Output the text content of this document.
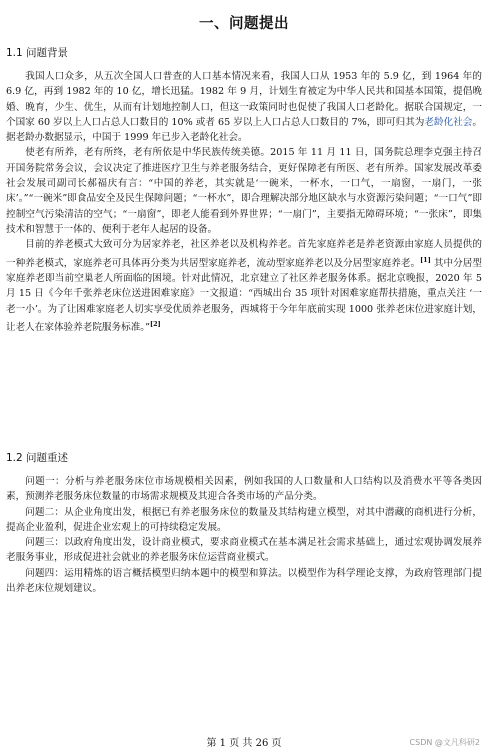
一、问题提出
1.1 问题背景

我国人口众多，从五次全国人口普查的人口基本情况来看，我国人口从 1953 年的 5.9 亿，到 1964 年的 6.9 亿，再到 1982 年的 10 亿，增长迅猛。1982 年 9 月，计划生育被定为中华人民共和国基本国策，提倡晚婚、晚育，少生、优生，从而有计划地控制人口，但这一政策同时也促使了我国人口老龄化。据联合国规定，一个国家 60 岁以上人口占总人口数目的 10% 或者 65 岁以上人口占总人口数目的 7%，即可归其为老龄化社会。据老龄办数据显示，中国于 1999 年已步入老龄化社会。

使老有所养，老有所终，老有所依是中华民族传统美德。2015 年 11 月 11 日，国务院总理李克强主持召开国务院常务会议，会议决定了推进医疗卫生与养老服务结合，更好保障老有所医、老有所养。国家发展改革委社会发展司副司长郝福庆有言：“中国的养老，其实就是‘一碗米，一杯水，一口气，一扇窗，一扇门，一张床’。”“一碗米”即食品安全及民生保障问题；“一杯水”，即合理解决部分地区缺水与水资源污染问题；“一口气”即控制空气污染清洁的空气；“一扇窗”，即老人能看到外界世界；“一扇门”，主要指无障碍环境；“一张床”，即集技术和智慧于一体的、便利于老年人起居的设备。

目前的养老模式大致可分为居家养老，社区养老以及机构养老。首先家庭养老是养老资源由家庭人员提供的一种养老模式，家庭养老可具体再分类为共居型家庭养老，流动型家庭养老以及分居型家庭养老。[1] 其中分居型家庭养老即当前空巢老人所面临的困境。针对此情况，北京建立了社区养老服务体系。据北京晚报，2020 年 5 月 15 日《今年千张养老床位送进困难家庭》一文报道：“西城出台 35 项针对困难家庭帮扶措施，重点关注 ‘一老一小’。为了让困难家庭老人切实享受优质养老服务，西城将于今年年底前实现 1000 张养老床位进家庭计划，让老人在家体验养老院服务标准。”[2]

1.2 问题重述

问题一：分析与养老服务床位市场规模相关因素，例如我国的人口数量和人口结构以及消费水平等各类因素，预测养老服务床位数量的市场需求规模及其迎合各类市场的产品分类。

问题二：从企业角度出发，根据已有养老服务床位的数量及其结构建立模型，对其中潜藏的商机进行分析，提高企业盈利，促进企业宏观上的可持续稳定发展。

问题三：以政府角度出发，设计商业模式，要求商业模式在基本满足社会需求基础上，通过宏观协调发展养老服务事业，形成促进社会就业的养老服务床位运营商业模式。

问题四：运用精炼的语言概括模型归纳本题中的模型和算法。以模型作为科学理论支撑，为政府管理部门提出养老床位规划建议。

第 1 页 共 26 页	CSDN @文凡科研2
